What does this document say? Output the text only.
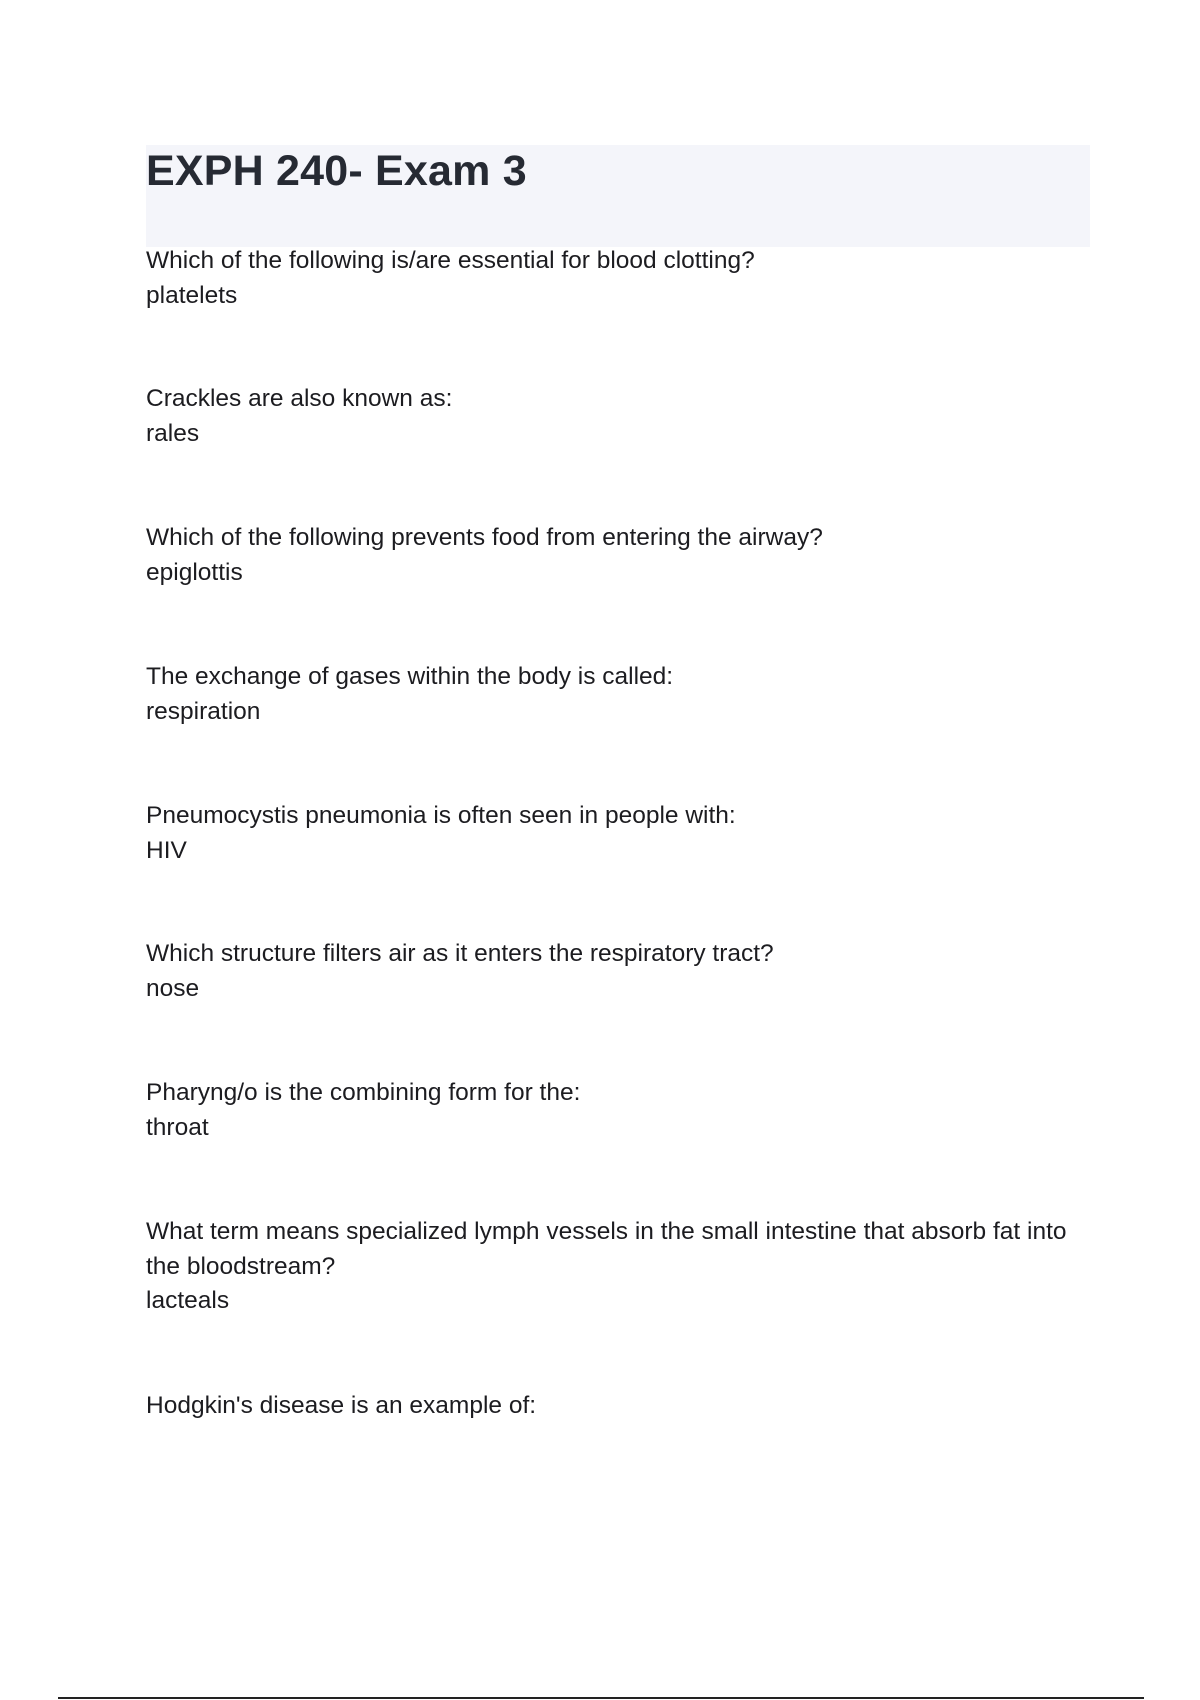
EXPH 240- Exam 3
Which of the following is/are essential for blood clotting?
platelets
Crackles are also known as:
rales
Which of the following prevents food from entering the airway?
epiglottis
The exchange of gases within the body is called:
respiration
Pneumocystis pneumonia is often seen in people with:
HIV
Which structure filters air as it enters the respiratory tract?
nose
Pharyng/o is the combining form for the:
throat
What term means specialized lymph vessels in the small intestine that absorb fat into the bloodstream?
lacteals
Hodgkin's disease is an example of:
